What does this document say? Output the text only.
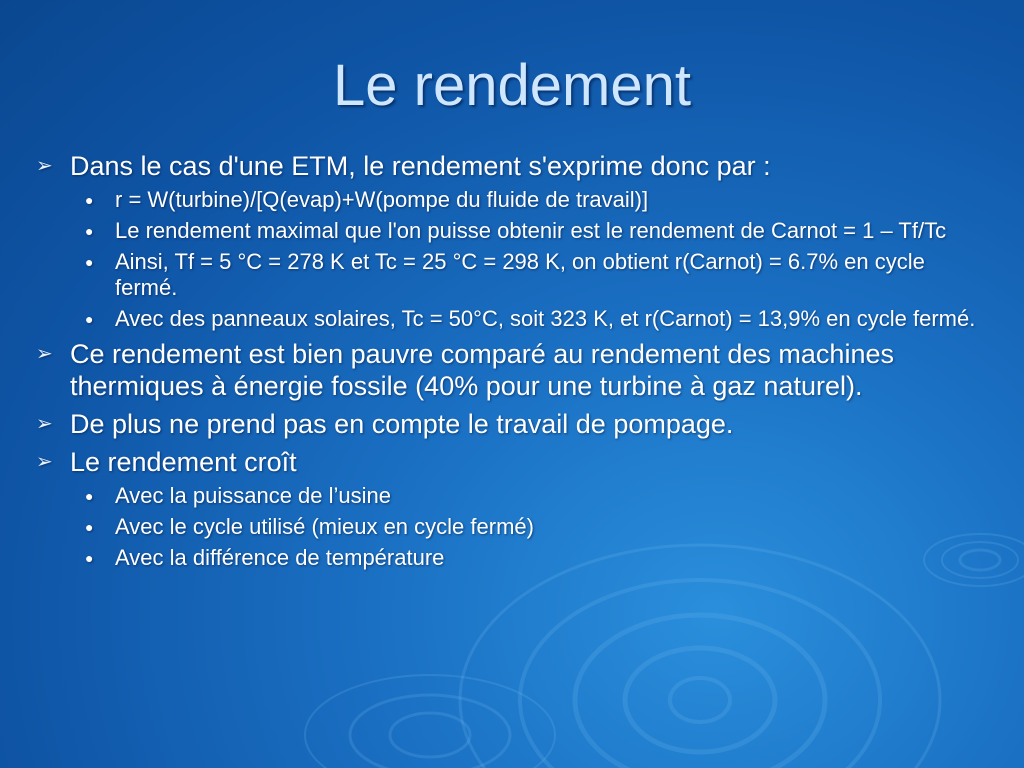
Le rendement
➢ Dans le cas d'une ETM, le rendement s'exprime donc par :
● r = W(turbine)/[Q(evap)+W(pompe du fluide de travail)]
● Le rendement maximal que l'on puisse obtenir est le rendement de Carnot = 1 – Tf/Tc
● Ainsi, Tf = 5 °C = 278 K et Tc = 25 °C = 298 K, on obtient r(Carnot) = 6.7% en cycle fermé.
● Avec des panneaux solaires, Tc = 50°C, soit 323 K, et r(Carnot) = 13,9% en cycle fermé.
➢ Ce rendement est bien pauvre comparé au rendement des machines thermiques à énergie fossile (40% pour une turbine à gaz naturel).
➢ De plus ne prend pas en compte le travail de pompage.
➢ Le rendement croît
● Avec la puissance de l’usine
● Avec le cycle utilisé (mieux en cycle fermé)
● Avec la différence de température
